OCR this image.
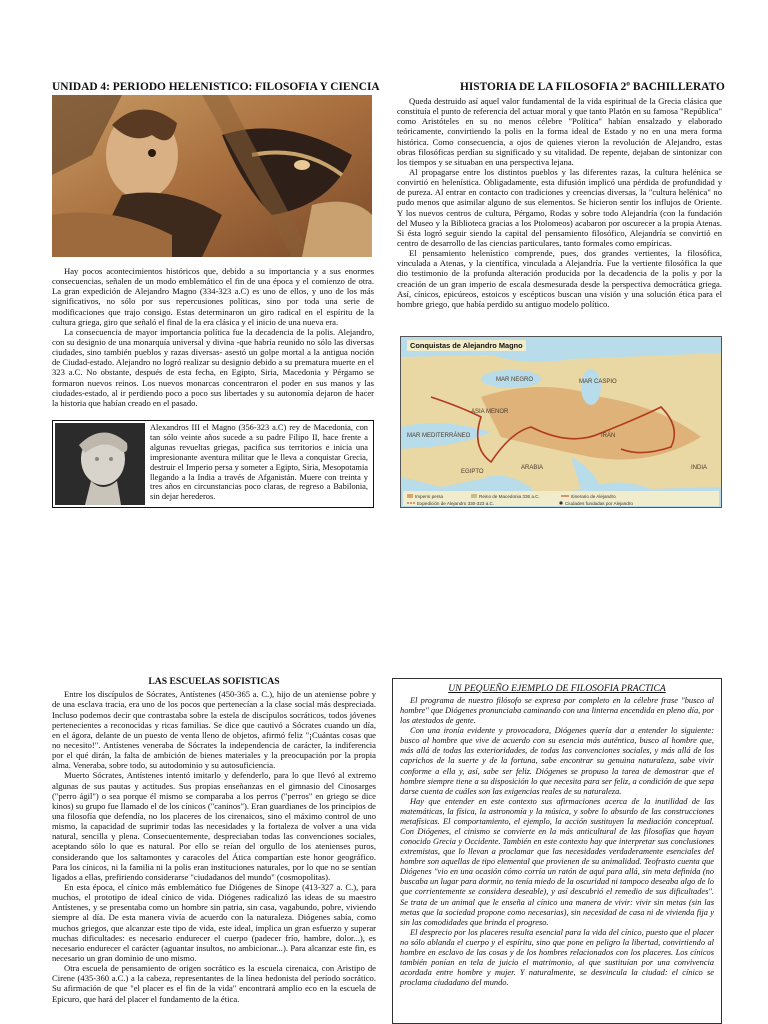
UNIDAD 4: PERIODO HELENISTICO: FILOSOFIA Y CIENCIA	HISTORIA DE LA FILOSOFIA 2º BACHILLERATO

Hay pocos acontecimientos históricos que, debido a su importancia y a sus enormes consecuencias, señalen de un modo emblemático el fin de una época y el comienzo de otra. La gran expedición de Alejandro Magno (334-323 a.C) es uno de ellos, y uno de los más significativos, no sólo por sus repercusiones políticas, sino por toda una serie de modificaciones que trajo consigo. Estas determinaron un giro radical en el espíritu de la cultura griega, giro que señaló el final de la era clásica y el inicio de una nueva era.

La consecuencia de mayor importancia política fue la decadencia de la polis. Alejandro, con su designio de una monarquía universal y divina -que habría reunido no sólo las diversas ciudades, sino también pueblos y razas diversas- asestó un golpe mortal a la antigua noción de Ciudad-estado. Alejandro no logró realizar su designio debido a su prematura muerte en el 323 a.C. No obstante, después de esta fecha, en Egipto, Siria, Macedonia y Pérgamo se formaron nuevos reinos. Los nuevos monarcas concentraron el poder en sus manos y las ciudades-estado, al ir perdiendo poco a poco sus libertades y su autonomía dejaron de hacer la historia que habían creado en el pasado.

Alexandros III el Magno (356-323 a.C) rey de Macedonia, con tan sólo veinte años sucede a su padre Filipo II, hace frente a algunas revueltas griegas, pacifica sus territorios e inicia una impresionante aventura militar que le lleva a conquistar Grecia, destruir el Imperio persa y someter a Egipto, Siria, Mesopotamia llegando a la India a través de Afganistán. Muere con treinta y tres años en circunstancias poco claras, de regreso a Babilonia, sin dejar herederos.

Queda destruido así aquel valor fundamental de la vida espiritual de la Grecia clásica que constituía el punto de referencia del actuar moral y que tanto Platón en su famosa "República" como Aristóteles en su no menos célebre "Política" habían ensalzado y elaborado teóricamente, convirtiendo la polis en la forma ideal de Estado y no en una mera forma histórica. Como consecuencia, a ojos de quienes vieron la revolución de Alejandro, estas obras filosóficas perdían su significado y su vitalidad. De repente, dejaban de sintonizar con los tiempos y se situaban en una perspectiva lejana.

Al propagarse entre los distintos pueblos y las diferentes razas, la cultura helénica se convirtió en helenística. Obligadamente, esta difusión implicó una pérdida de profundidad y de pureza. Al entrar en contacto con tradiciones y creencias diversas, la "cultura helénica" no pudo menos que asimilar alguno de sus elementos. Se hicieron sentir los influjos de Oriente. Y los nuevos centros de cultura, Pérgamo, Rodas y sobre todo Alejandría (con la fundación del Museo y la Biblioteca gracias a los Ptolomeos) acabaron por oscurecer a la propia Atenas. Si ésta logró seguir siendo la capital del pensamiento filosófico, Alejandría se convirtió en centro de desarrollo de las ciencias particulares, tanto formales como empíricas.

El pensamiento helenístico comprende, pues, dos grandes vertientes, la filosófica, vinculada a Atenas, y la científica, vinculada a Alejandría. Fue la vertiente filosófica la que dio testimonio de la profunda alteración producida por la decadencia de la polis y por la creación de un gran imperio de escala desmesurada desde la perspectiva democrática griega. Así, cínicos, epicúreos, estoicos y escépticos buscan una visión y una solución ética para el hombre griego, que había perdido su antiguo modelo político.

MAR NEGRO	MAR CASPIO
ASIA MENOR
MAR MEDITERRÁNEO
EGIPTO
ARABIA
IRÁN
INDIA
Imperio persa	Reino de Macedonia 336 a.C.	Itinerario de Alejandro
Expedición de Alejandro 330-323 a.C.	Ciudades fundadas por Alejandro
Conquistas de Alejandro Magno
LAS ESCUELAS SOFISTICAS

Entre los discípulos de Sócrates, Antístenes (450-365 a. C.), hijo de un ateniense pobre y de una esclava tracia, era uno de los pocos que pertenecían a la clase social más despreciada. Incluso podemos decir que contrastaba sobre la estela de discípulos socráticos, todos jóvenes pertenecientes a reconocidas y ricas familias. Se dice que cautivó a Sócrates cuando un día, en el ágora, delante de un puesto de venta lleno de objetos, afirmó feliz "¡Cuántas cosas que no necesito!". Antístenes veneraba de Sócrates la independencia de carácter, la indiferencia por el qué dirán, la falta de ambición de bienes materiales y la preocupación por la propia alma. Veneraba, sobre todo, su autodominio y su autosuficiencia.

Muerto Sócrates, Antístenes intentó imitarlo y defenderlo, para lo que llevó al extremo algunas de sus pautas y actitudes. Sus propias enseñanzas en el gimnasio del Cinosarges ("perro ágil") o sea porque él mismo se comparaba a los perros ("perros" en griego se dice kinos) su grupo fue llamado el de los cínicos ("caninos"). Eran guardianes de los principios de una filosofía que defendía, no los placeres de los cirenaicos, sino el máximo control de uno mismo, la capacidad de suprimir todas las necesidades y la fortaleza de volver a una vida natural, sencilla y plena. Consecuentemente, despreciaban todas las convenciones sociales, aceptando sólo lo que es natural. Por ello se reían del orgullo de los atenienses puros, considerando que los saltamontes y caracoles del Ática compartían este honor geográfico. Para los cínicos, ni la familia ni la polis eran instituciones naturales, por lo que no se sentían ligados a ellas, prefiriendo considerarse "ciudadanos del mundo" (cosmopolitas).

En esta época, el cínico más emblemático fue Diógenes de Sinope (413-327 a. C.), para muchos, el prototipo de ideal cínico de vida. Diógenes radicalizó las ideas de su maestro Antístenes, y se presentaba como un hombre sin patria, sin casa, vagabundo, pobre, viviendo siempre al día. De esta manera vivía de acuerdo con la naturaleza. Diógenes sabía, como muchos griegos, que alcanzar este tipo de vida, este ideal, implica un gran esfuerzo y superar muchas dificultades: es necesario endurecer el cuerpo (padecer frío, hambre, dolor...), es necesario endurecer el carácter (aguantar insultos, no ambicionar...). Para alcanzar este fin, es necesario un gran dominio de uno mismo.

Otra escuela de pensamiento de origen socrático es la escuela cirenaica, con Aristipo de Cirene (435-360 a.C.) a la cabeza, representantes de la línea hedonista del período socrático. Su afirmación de que "el placer es el fin de la vida" encontrará amplio eco en la escuela de Epicuro, que hará del placer el fundamento de la ética.

UN PEQUEÑO EJEMPLO DE FILOSOFIA PRACTICA

El programa de nuestro filósofo se expresa por completo en la célebre frase "busco al hombre" que Diógenes pronunciaba caminando con una linterna encendida en pleno día, por los atestados de gente.

Con una ironía evidente y provocadora, Diógenes quería dar a entender lo siguiente: busco al hombre que vive de acuerdo con su esencia más auténtica, busco al hombre que, más allá de todas las exterioridades, de todas las convenciones sociales, y más allá de los caprichos de la suerte y de la fortuna, sabe encontrar su genuina naturaleza, sabe vivir conforme a ella y, así, sabe ser feliz. Diógenes se propuso la tarea de demostrar que el hombre siempre tiene a su disposición lo que necesita para ser feliz, a condición de que sepa darse cuenta de cuáles son las exigencias reales de su naturaleza.

Hay que entender en este contexto sus afirmaciones acerca de la inutilidad de las matemáticas, la física, la astronomía y la música, y sobre lo absurdo de las construcciones metafísicas. El comportamiento, el ejemplo, la acción sustituyen la mediación conceptual. Con Diógenes, el cinismo se convierte en la más anticultural de las filosofías que hayan conocido Grecia y Occidente. También en este contexto hay que interpretar sus conclusiones extremistas, que lo llevan a proclamar que las necesidades verdaderamente esenciales del hombre son aquellas de tipo elemental que provienen de su animalidad. Teofrasto cuenta que Diógenes "vio en una ocasión cómo corría un ratón de aquí para allá, sin meta definida (no buscaba un lugar para dormir, no tenía miedo de la oscuridad ni tampoco deseaba algo de lo que corrientemente se considera deseable), y así descubrió el remedio de sus dificultades". Se trata de un animal que le enseña al cínico una manera de vivir: vivir sin metas (sin las metas que la sociedad propone como necesarias), sin necesidad de casa ni de vivienda fija y sin las comodidades que brinda el progreso.

El desprecio por los placeres resulta esencial para la vida del cínico, puesto que el placer no sólo ablanda el cuerpo y el espíritu, sino que pone en peligro la libertad, convirtiendo al hombre en esclavo de las cosas y de los hombres relacionados con los placeres. Los cínicos también ponían en tela de juicio el matrimonio, al que sustituían por una convivencia acordada entre hombre y mujer. Y naturalmente, se desvincula la ciudad: el cínico se proclama ciudadano del mundo.
